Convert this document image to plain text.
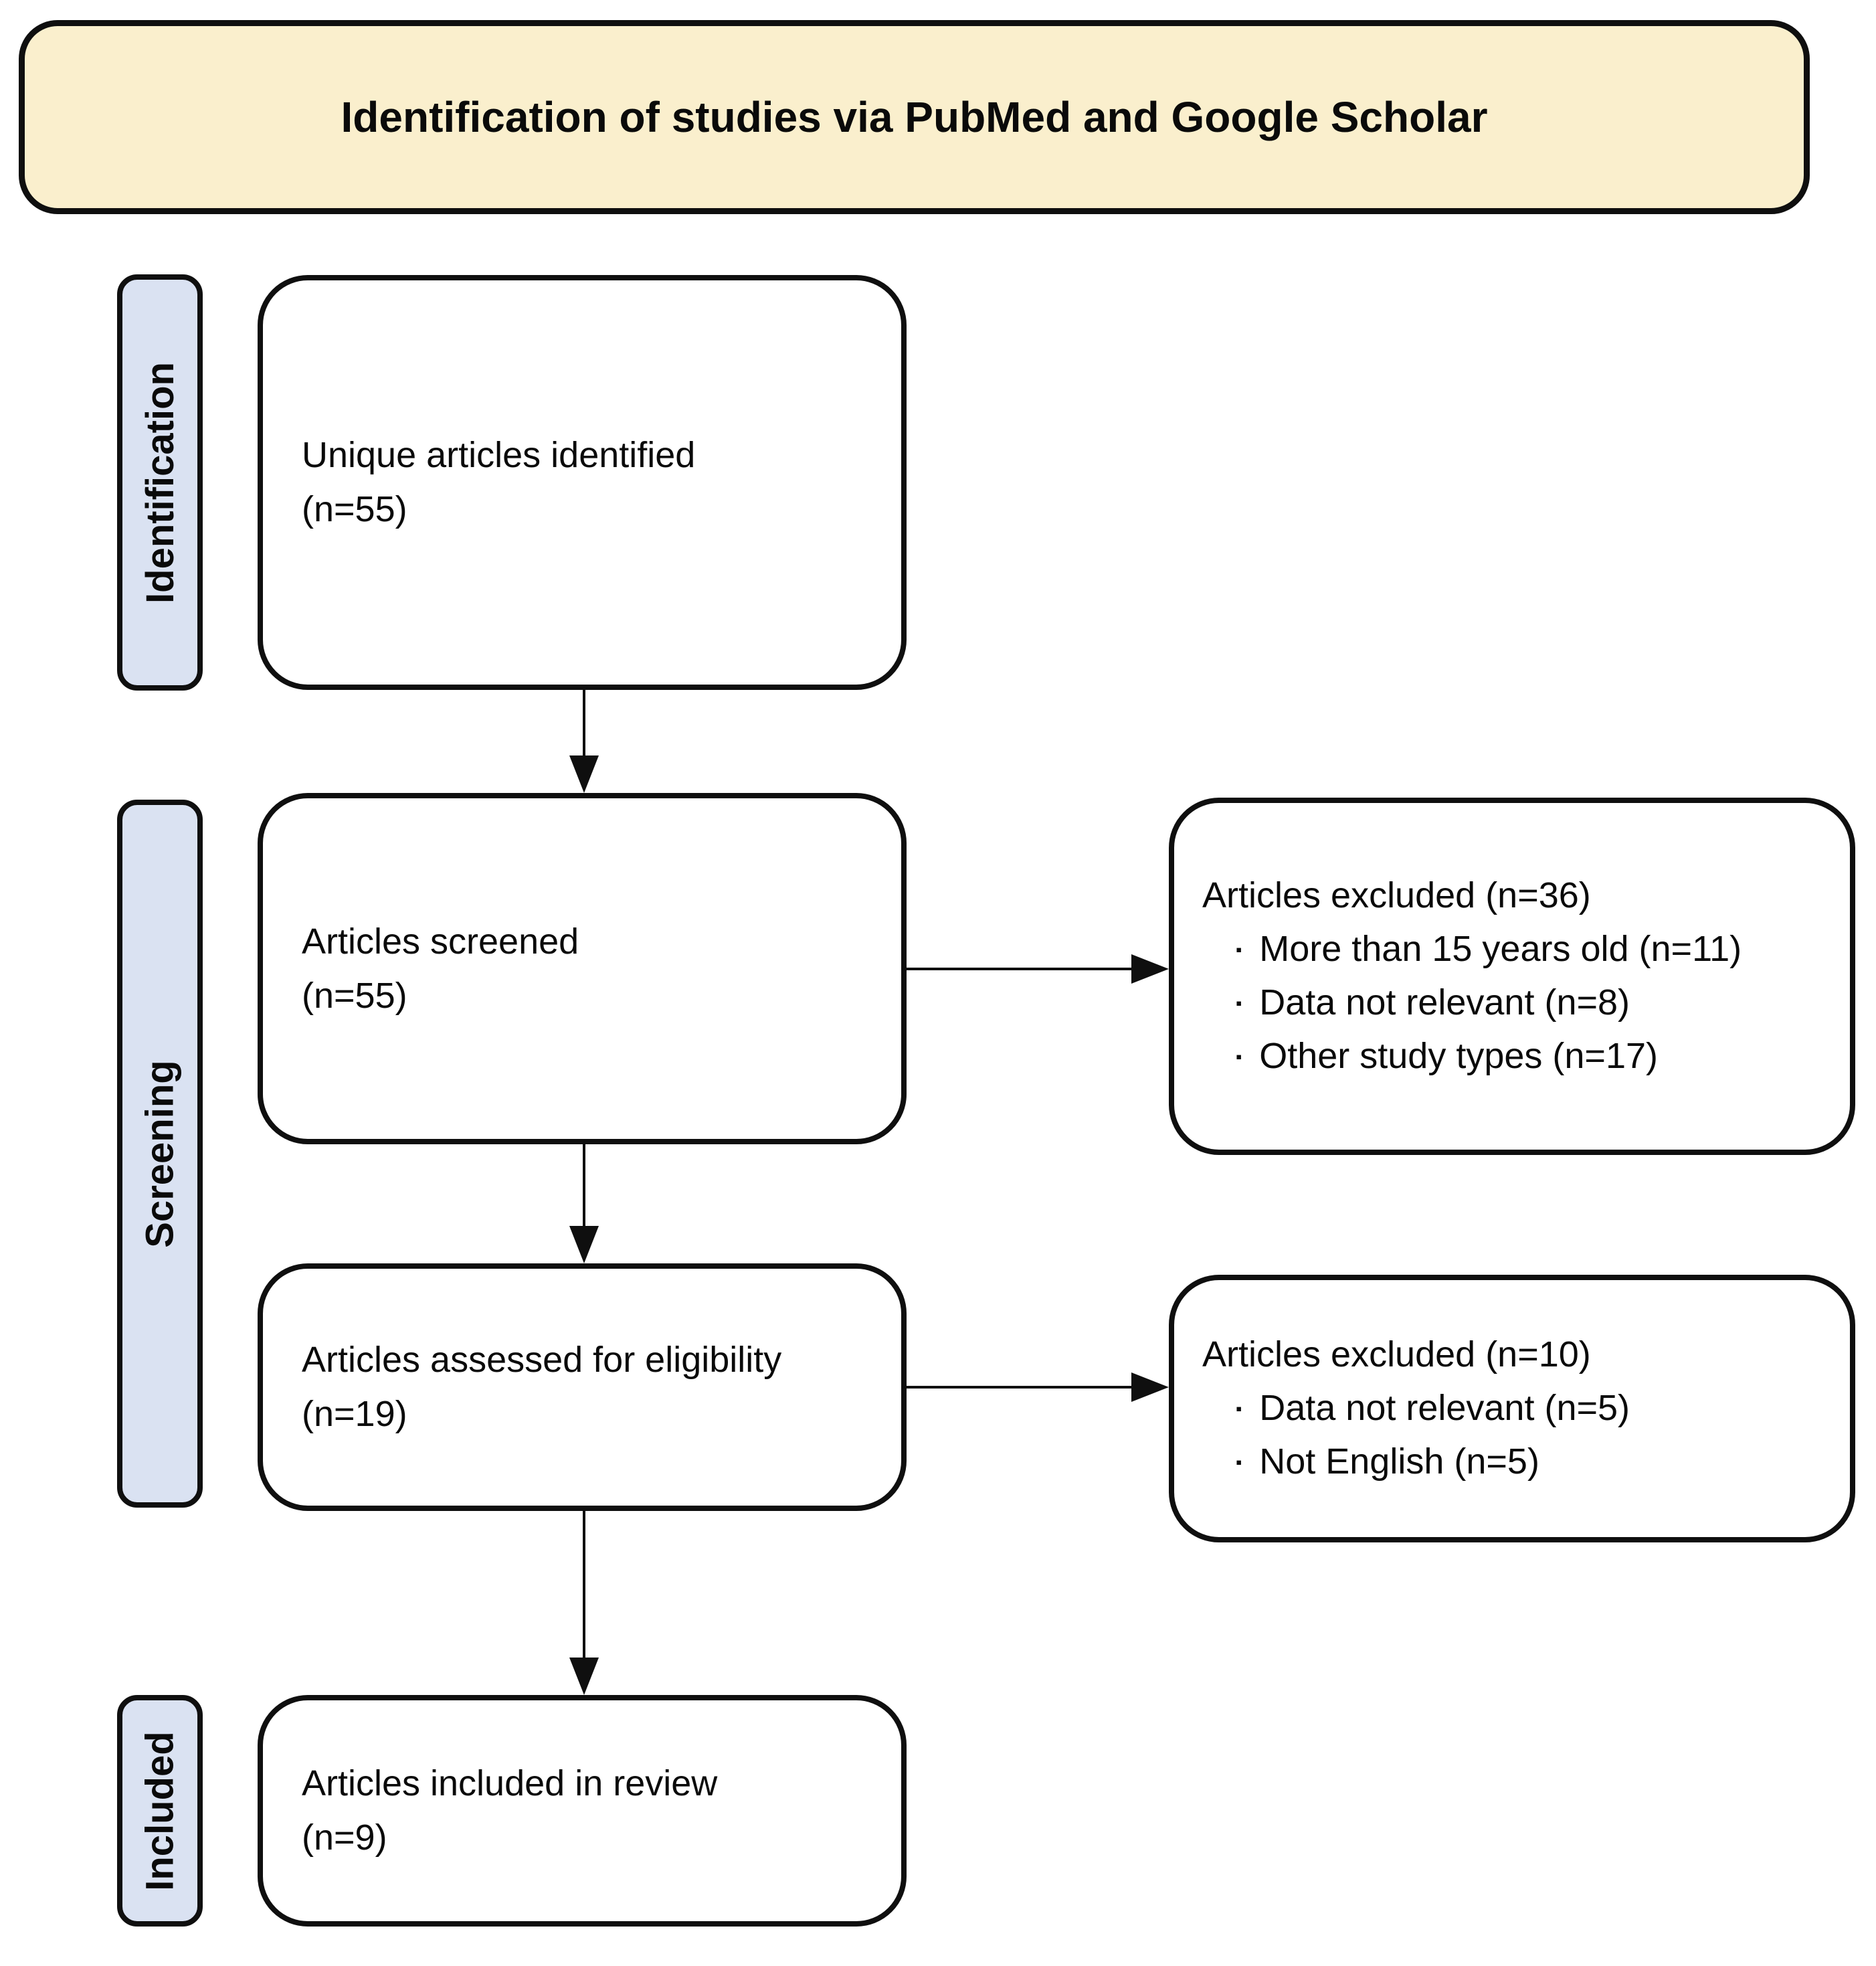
Identification of studies via PubMed and Google Scholar
Identification
Screening
Included
Unique articles identified
(n=55)
Articles screened
(n=55)
Articles assessed for eligibility
(n=19)
Articles included in review
(n=9)
Articles excluded (n=36)
▪ More than 15 years old (n=11)
▪ Data not relevant (n=8)
▪ Other study types (n=17)
Articles excluded (n=10)
▪ Data not relevant (n=5)
▪ Not English (n=5)
